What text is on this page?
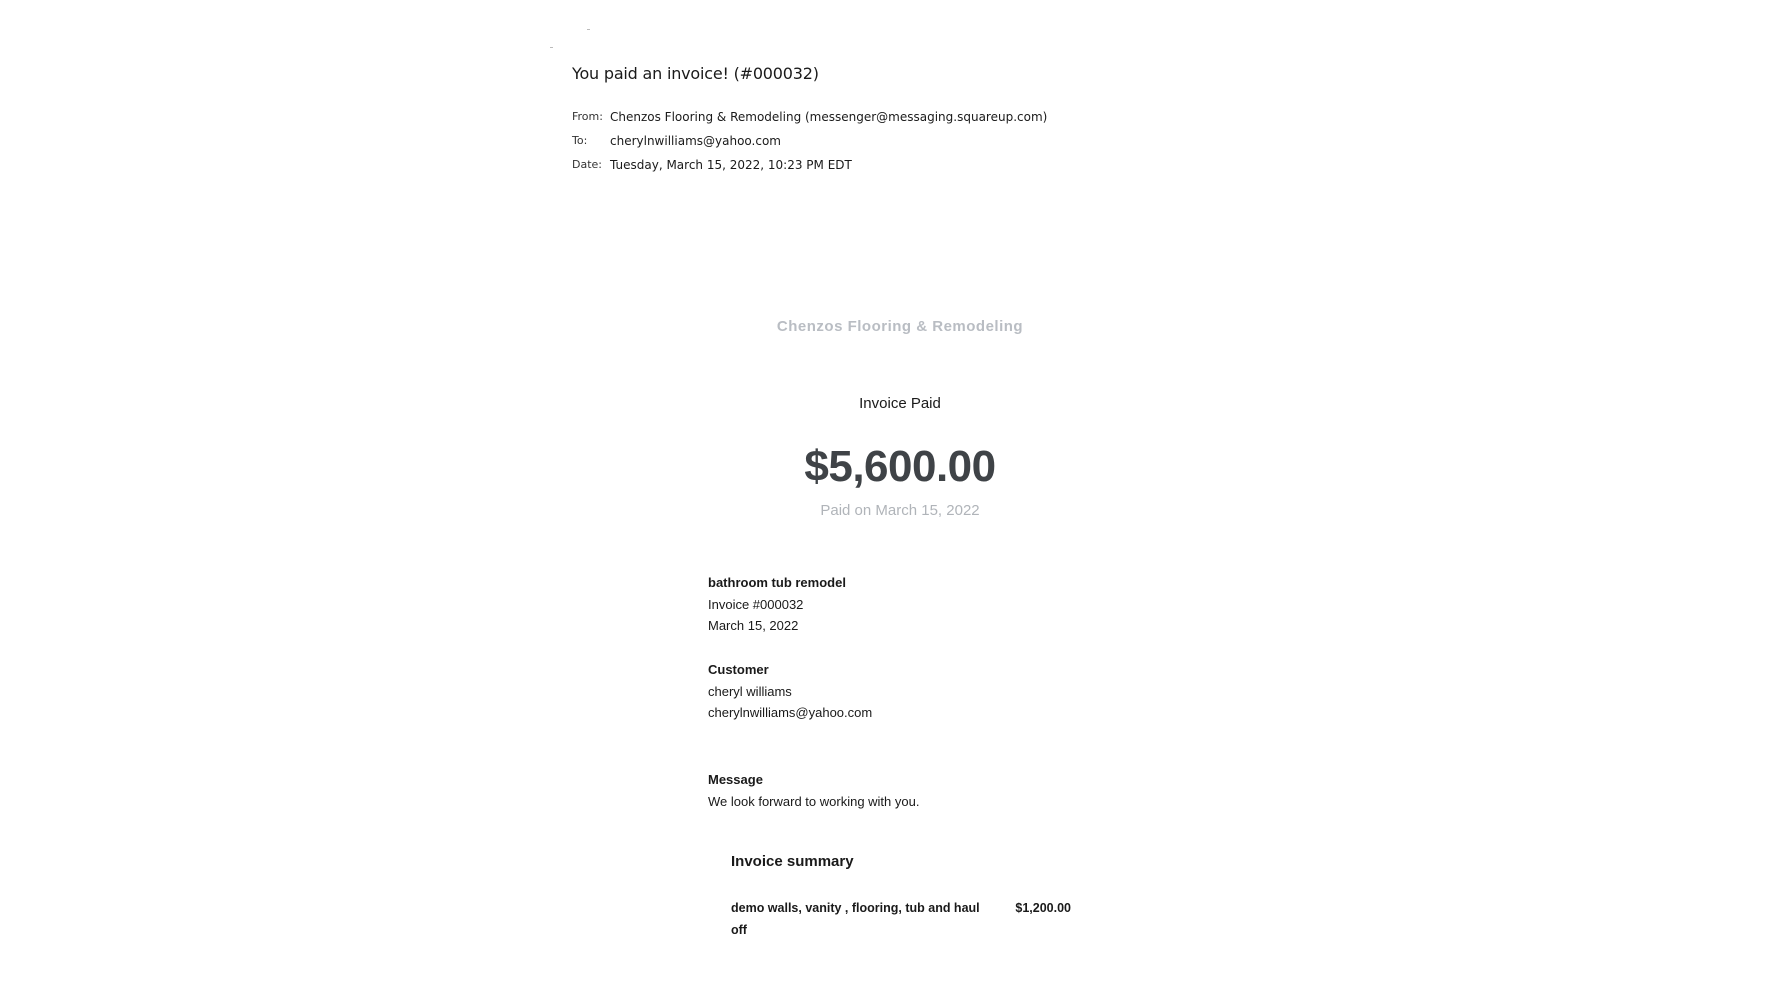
You paid an invoice! (#000032)
From: Chenzos Flooring & Remodeling (messenger@messaging.squareup.com)
To:	cherylnwilliams@yahoo.com
Date: Tuesday, March 15, 2022, 10:23 PM EDT
Chenzos Flooring & Remodeling
Invoice Paid
$5,600.00
Paid on March 15, 2022
bathroom tub remodel
Invoice #000032
March 15, 2022
Customer
cheryl williams
cherylnwilliams@yahoo.com
Message
We look forward to working with you.
Invoice summary
demo walls, vanity , flooring, tub and haul off
$1,200.00
